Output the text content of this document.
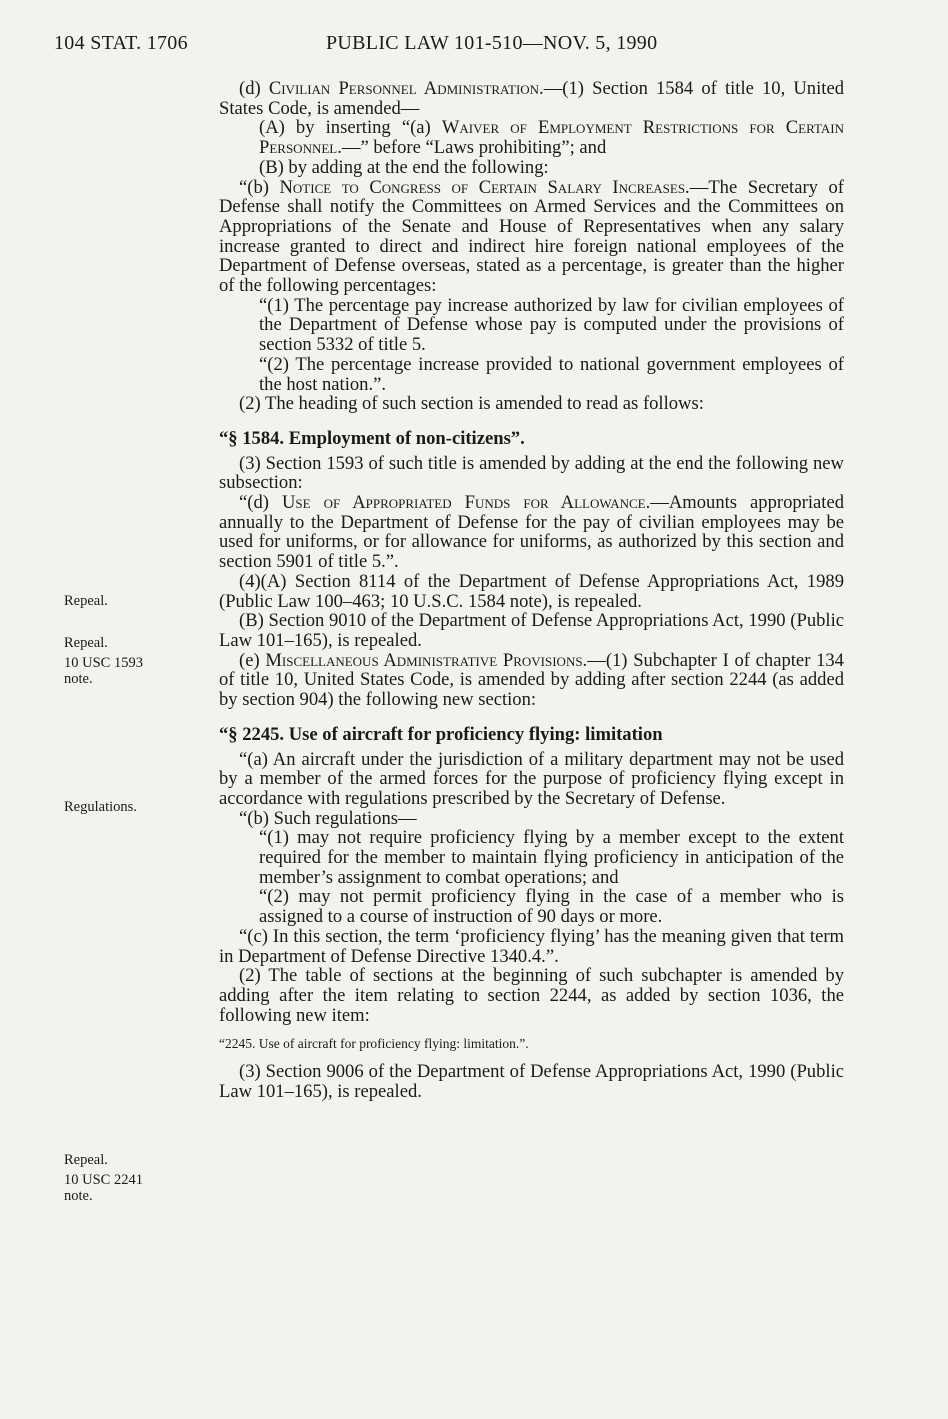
104 STAT. 1706	PUBLIC LAW 101-510—NOV. 5, 1990
Repeal.
Repeal.
10 USC 1593
note.
Regulations.
Repeal.
10 USC 2241
note.

(d) Civilian Personnel Administration.—(1) Section 1584 of title 10, United States Code, is amended—

(A) by inserting “(a) Waiver of Employment Restrictions for Certain Personnel.—” before “Laws prohibiting”; and

(B) by adding at the end the following:

“(b) Notice to Congress of Certain Salary Increases.—The Secretary of Defense shall notify the Committees on Armed Services and the Committees on Appropriations of the Senate and House of Representatives when any salary increase granted to direct and indirect hire foreign national employees of the Department of Defense overseas, stated as a percentage, is greater than the higher of the following percentages:

“(1) The percentage pay increase authorized by law for civilian employees of the Department of Defense whose pay is computed under the provisions of section 5332 of title 5.

“(2) The percentage increase provided to national government employees of the host nation.”.

(2) The heading of such section is amended to read as follows:

“§ 1584. Employment of non-citizens”.

(3) Section 1593 of such title is amended by adding at the end the following new subsection:

“(d) Use of Appropriated Funds for Allowance.—Amounts appropriated annually to the Department of Defense for the pay of civilian employees may be used for uniforms, or for allowance for uniforms, as authorized by this section and section 5901 of title 5.”.

(4)(A) Section 8114 of the Department of Defense Appropriations Act, 1989 (Public Law 100–463; 10 U.S.C. 1584 note), is repealed.

(B) Section 9010 of the Department of Defense Appropriations Act, 1990 (Public Law 101–165), is repealed.

(e) Miscellaneous Administrative Provisions.—(1) Subchapter I of chapter 134 of title 10, United States Code, is amended by adding after section 2244 (as added by section 904) the following new section:

“§ 2245. Use of aircraft for proficiency flying: limitation

“(a) An aircraft under the jurisdiction of a military department may not be used by a member of the armed forces for the purpose of proficiency flying except in accordance with regulations prescribed by the Secretary of Defense.

“(b) Such regulations—

“(1) may not require proficiency flying by a member except to the extent required for the member to maintain flying proficiency in anticipation of the member’s assignment to combat operations; and

“(2) may not permit proficiency flying in the case of a member who is assigned to a course of instruction of 90 days or more.

“(c) In this section, the term ‘proficiency flying’ has the meaning given that term in Department of Defense Directive 1340.4.”.

(2) The table of sections at the beginning of such subchapter is amended by adding after the item relating to section 2244, as added by section 1036, the following new item:

“2245. Use of aircraft for proficiency flying: limitation.”.

(3) Section 9006 of the Department of Defense Appropriations Act, 1990 (Public Law 101–165), is repealed.
